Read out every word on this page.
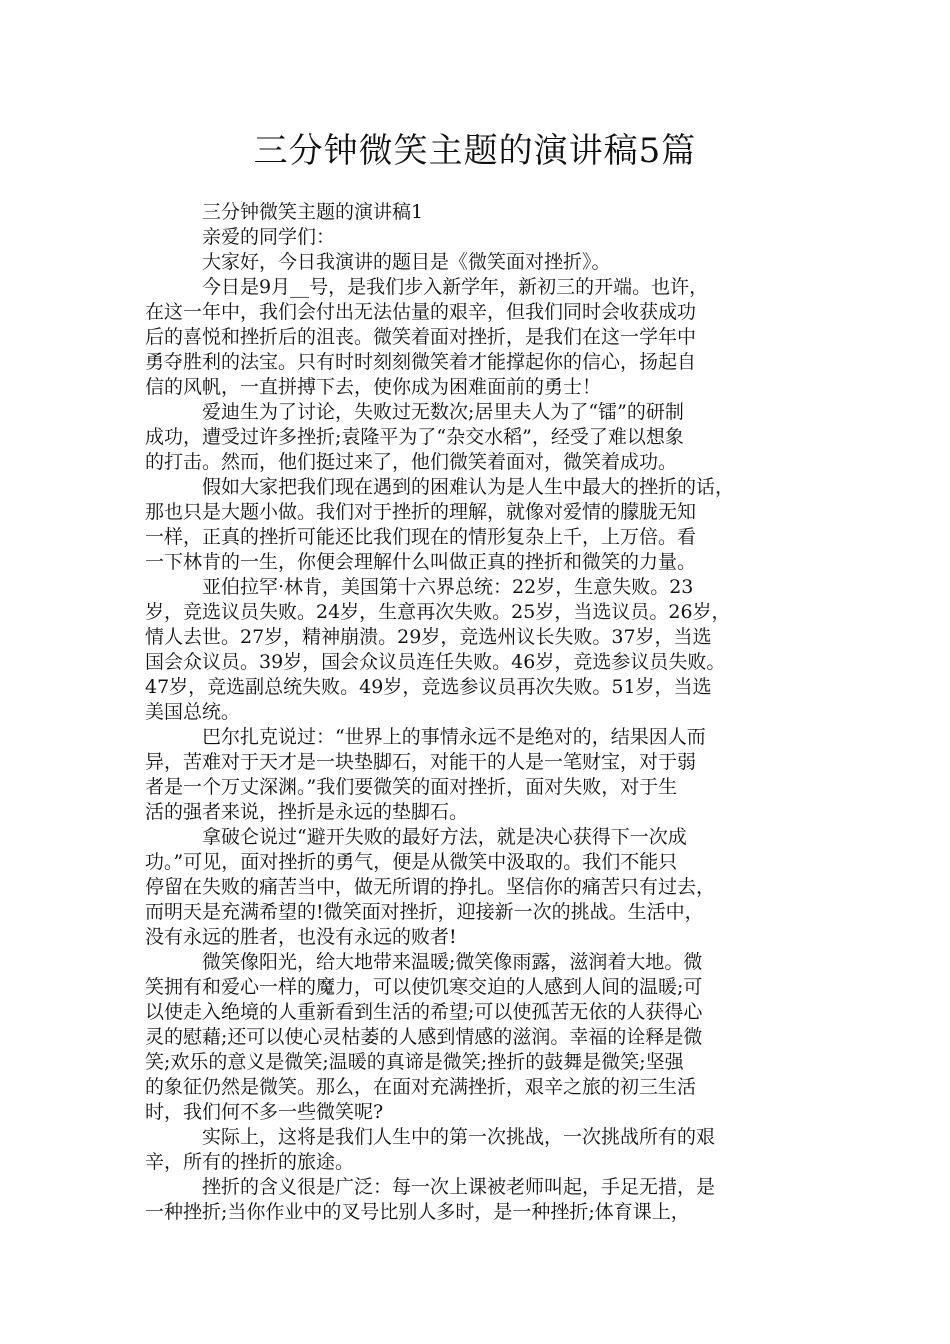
三分钟微笑主题的演讲稿5篇

三分钟微笑主题的演讲稿1

亲爱的同学们：

大家好，今日我演讲的题目是《微笑面对挫折》。

今日是9月__号，是我们步入新学年，新初三的开端。也许，
在这一年中，我们会付出无法估量的艰辛，但我们同时会收获成功
后的喜悦和挫折后的沮丧。微笑着面对挫折，是我们在这一学年中
勇夺胜利的法宝。只有时时刻刻微笑着才能撑起你的信心，扬起自
信的风帆，一直拼搏下去，使你成为困难面前的勇士！

爱迪生为了讨论，失败过无数次;居里夫人为了“镭”的研制
成功，遭受过许多挫折;袁隆平为了“杂交水稻”，经受了难以想象
的打击。然而，他们挺过来了，他们微笑着面对，微笑着成功。

假如大家把我们现在遇到的困难认为是人生中最大的挫折的话，
那也只是大题小做。我们对于挫折的理解，就像对爱情的朦胧无知
一样，正真的挫折可能还比我们现在的情形复杂上千，上万倍。看
一下林肯的一生，你便会理解什么叫做正真的挫折和微笑的力量。

亚伯拉罕·林肯，美国第十六界总统：22岁，生意失败。23
岁，竞选议员失败。24岁，生意再次失败。25岁，当选议员。26岁，
情人去世。27岁，精神崩溃。29岁，竞选州议长失败。37岁，当选
国会众议员。39岁，国会众议员连任失败。46岁，竞选参议员失败。
47岁，竞选副总统失败。49岁，竞选参议员再次失败。51岁，当选
美国总统。

巴尔扎克说过：“世界上的事情永远不是绝对的，结果因人而
异，苦难对于天才是一块垫脚石，对能干的人是一笔财宝，对于弱
者是一个万丈深渊。”我们要微笑的面对挫折，面对失败，对于生
活的强者来说，挫折是永远的垫脚石。

拿破仑说过“避开失败的最好方法，就是决心获得下一次成
功。”可见，面对挫折的勇气，便是从微笑中汲取的。我们不能只
停留在失败的痛苦当中，做无所谓的挣扎。坚信你的痛苦只有过去，
而明天是充满希望的!微笑面对挫折，迎接新一次的挑战。生活中，
没有永远的胜者，也没有永远的败者!

微笑像阳光，给大地带来温暖;微笑像雨露，滋润着大地。微
笑拥有和爱心一样的魔力，可以使饥寒交迫的人感到人间的温暖;可
以使走入绝境的人重新看到生活的希望;可以使孤苦无依的人获得心
灵的慰藉;还可以使心灵枯萎的人感到情感的滋润。幸福的诠释是微
笑;欢乐的意义是微笑;温暖的真谛是微笑;挫折的鼓舞是微笑;坚强
的象征仍然是微笑。那么，在面对充满挫折，艰辛之旅的初三生活
时，我们何不多一些微笑呢?

实际上，这将是我们人生中的第一次挑战，一次挑战所有的艰
辛，所有的挫折的旅途。

挫折的含义很是广泛：每一次上课被老师叫起，手足无措，是
一种挫折;当你作业中的叉号比别人多时，是一种挫折;体育课上，
